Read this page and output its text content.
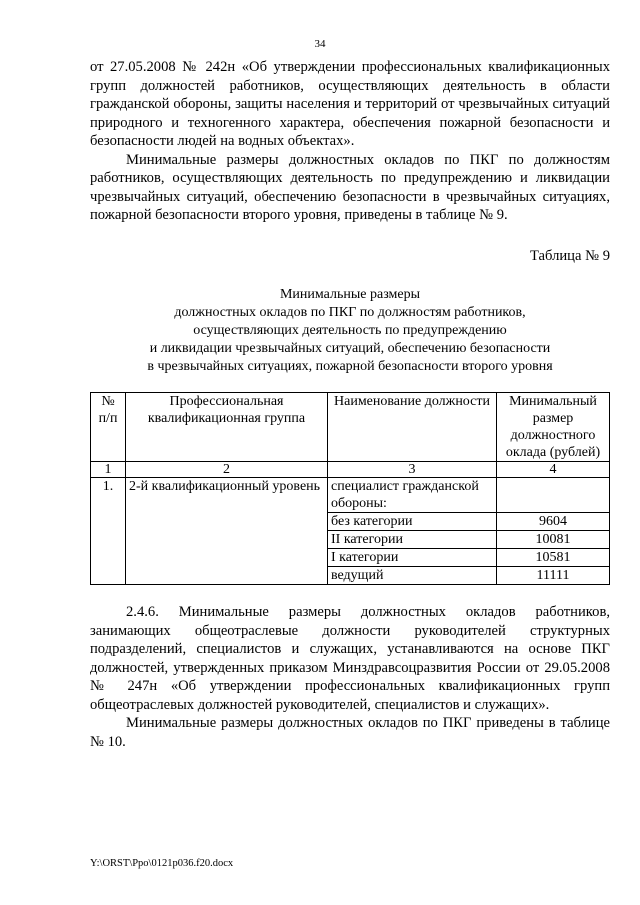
34

от 27.05.2008 № 242н «Об утверждении профессиональных квалификационных групп должностей работников, осуществляющих деятельность в области гражданской обороны, защиты населения и территорий от чрезвычайных ситуаций природного и техногенного характера, обеспечения пожарной безопасности и безопасности людей на водных объектах».

Минимальные размеры должностных окладов по ПКГ по должностям работников, осуществляющих деятельность по предупреждению и ликвидации чрезвычайных ситуаций, обеспечению безопасности в чрезвычайных ситуациях, пожарной безопасности второго уровня, приведены в таблице № 9.

Таблица № 9

Минимальные размеры
должностных окладов по ПКГ по должностям работников,
осуществляющих деятельность по предупреждению
и ликвидации чрезвычайных ситуаций, обеспечению безопасности
в чрезвычайных ситуациях, пожарной безопасности второго уровня
№ п/п	Профессиональная квалификационная группа	Наименование должности	Минимальный размер должностного оклада (рублей)
1	2	3	4
1.	2-й квалификационный уровень	специалист гражданской обороны:	
		без категории	9604
		II категории	10081
		I категории	10581
		ведущий	11111

2.4.6. Минимальные размеры должностных окладов работников, занимающих общеотраслевые должности руководителей структурных подразделений, специалистов и служащих, устанавливаются на основе ПКГ должностей, утвержденных приказом Минздравсоцразвития России от 29.05.2008 № 247н «Об утверждении профессиональных квалификационных групп общеотраслевых должностей руководителей, специалистов и служащих».

Минимальные размеры должностных окладов по ПКГ приведены в таблице № 10.

Y:\ORST\Ppo\0121p036.f20.docx
